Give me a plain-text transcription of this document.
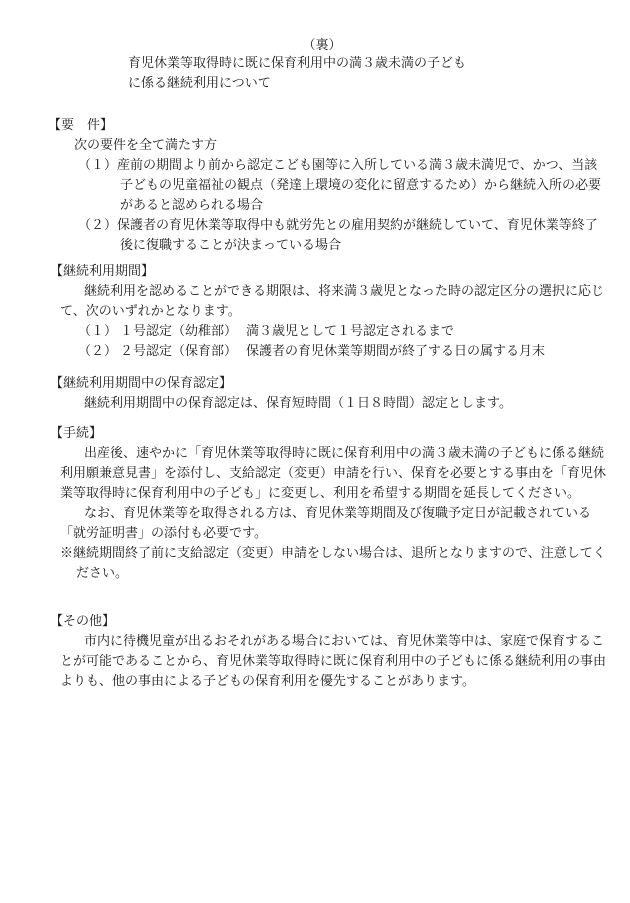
（裏）
育児休業等取得時に既に保育利用中の満３歳未満の子ども
に係る継続利用について
【要　件】
次の要件を全て満たす方
（１）産前の期間より前から認定こども園等に入所している満３歳未満児で、かつ、当該子どもの児童福祉の観点（発達上環境の変化に留意するため）から継続入所の必要があると認められる場合
（２）保護者の育児休業等取得中も就労先との雇用契約が継続していて、育児休業等終了後に復職することが決まっている場合
【継続利用期間】

継続利用を認めることができる期限は、将来満３歳児となった時の認定区分の選択に応じて、次のいずれかとなります。

（１） １号認定（幼稚部） 満３歳児として１号認定されるまで
（２） ２号認定（保育部） 保護者の育児休業等期間が終了する日の属する月末
【継続利用期間中の保育認定】

継続利用期間中の保育認定は、保育短時間（１日８時間）認定とします。

【手続】

出産後、速やかに「育児休業等取得時に既に保育利用中の満３歳未満の子どもに係る継続利用願兼意見書」を添付し、支給認定（変更）申請を行い、保育を必要とする事由を「育児休業等取得時に保育利用中の子ども」に変更し、利用を希望する期間を延長してください。

なお、育児休業等を取得される方は、育児休業等期間及び復職予定日が記載されている「就労証明書」の添付も必要です。

※継続期間終了前に支給認定（変更）申請をしない場合は、退所となりますので、注意してください。
【その他】

市内に待機児童が出るおそれがある場合においては、育児休業等中は、家庭で保育することが可能であることから、育児休業等取得時に既に保育利用中の子どもに係る継続利用の事由よりも、他の事由による子どもの保育利用を優先することがあります。
